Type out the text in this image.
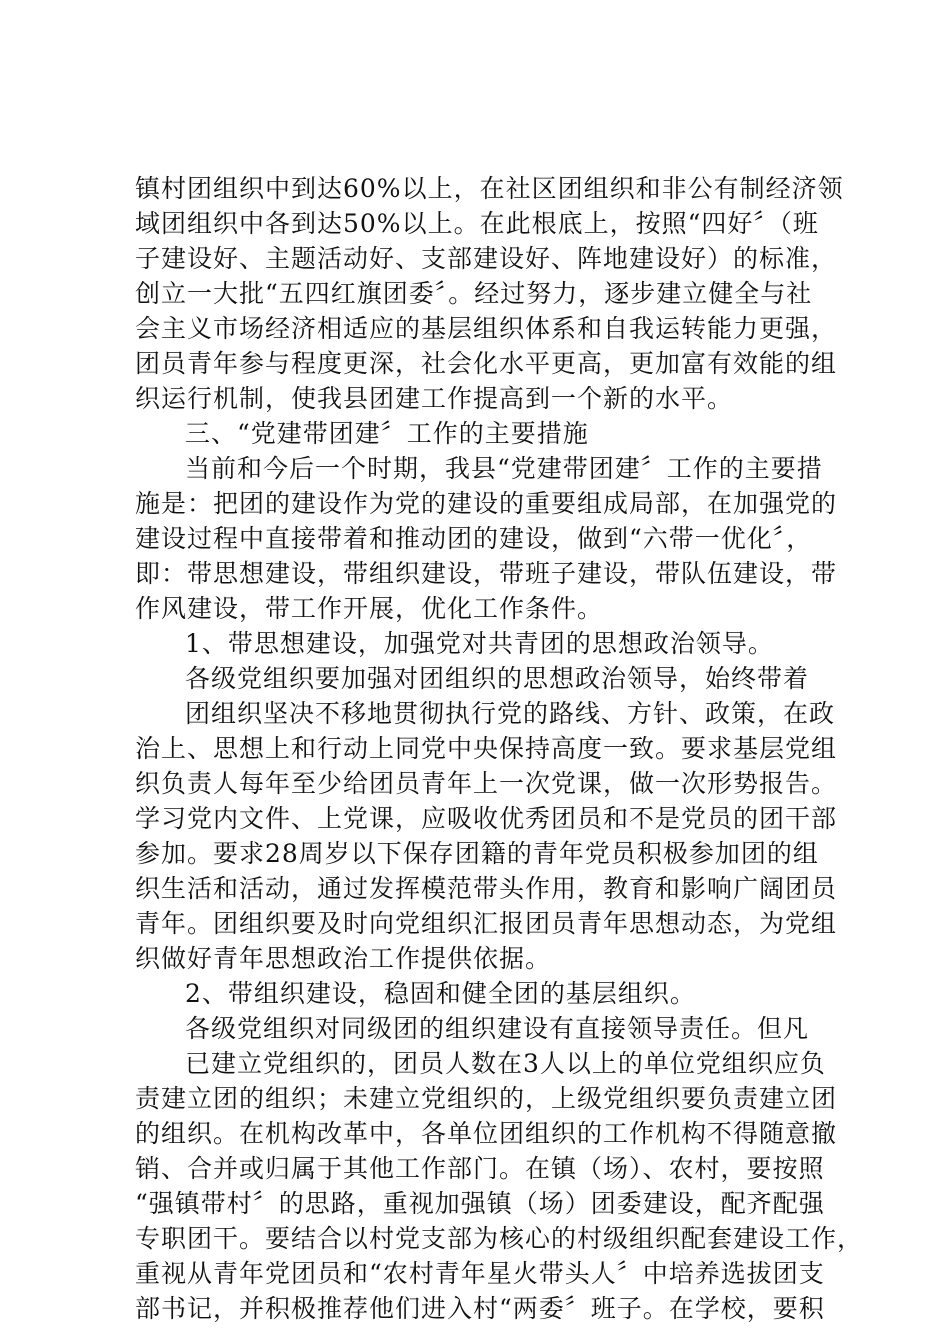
镇村团组织中到达60%以上，在社区团组织和非公有制经济领
域团组织中各到达50%以上。在此根底上，按照“四好〞（班
子建设好、主题活动好、支部建设好、阵地建设好）的标准，
创立一大批“五四红旗团委〞。经过努力，逐步建立健全与社
会主义市场经济相适应的基层组织体系和自我运转能力更强，
团员青年参与程度更深，社会化水平更高，更加富有效能的组
织运行机制，使我县团建工作提高到一个新的水平。
三、“党建带团建〞工作的主要措施
当前和今后一个时期，我县“党建带团建〞工作的主要措
施是：把团的建设作为党的建设的重要组成局部，在加强党的
建设过程中直接带着和推动团的建设，做到“六带一优化〞，
即：带思想建设，带组织建设，带班子建设，带队伍建设，带
作风建设，带工作开展，优化工作条件。
1、带思想建设，加强党对共青团的思想政治领导。
各级党组织要加强对团组织的思想政治领导，始终带着
团组织坚决不移地贯彻执行党的路线、方针、政策，在政
治上、思想上和行动上同党中央保持高度一致。要求基层党组
织负责人每年至少给团员青年上一次党课，做一次形势报告。
学习党内文件、上党课，应吸收优秀团员和不是党员的团干部
参加。要求28周岁以下保存团籍的青年党员积极参加团的组
织生活和活动，通过发挥模范带头作用，教育和影响广阔团员
青年。团组织要及时向党组织汇报团员青年思想动态，为党组
织做好青年思想政治工作提供依据。
2、带组织建设，稳固和健全团的基层组织。
各级党组织对同级团的组织建设有直接领导责任。但凡
已建立党组织的，团员人数在3人以上的单位党组织应负
责建立团的组织；未建立党组织的，上级党组织要负责建立团
的组织。在机构改革中，各单位团组织的工作机构不得随意撤
销、合并或归属于其他工作部门。在镇（场）、农村，要按照
“强镇带村〞的思路，重视加强镇（场）团委建设，配齐配强
专职团干。要结合以村党支部为核心的村级组织配套建设工作，
重视从青年党团员和“农村青年星火带头人〞中培养选拔团支
部书记，并积极推荐他们进入村“两委〞班子。在学校，要积
